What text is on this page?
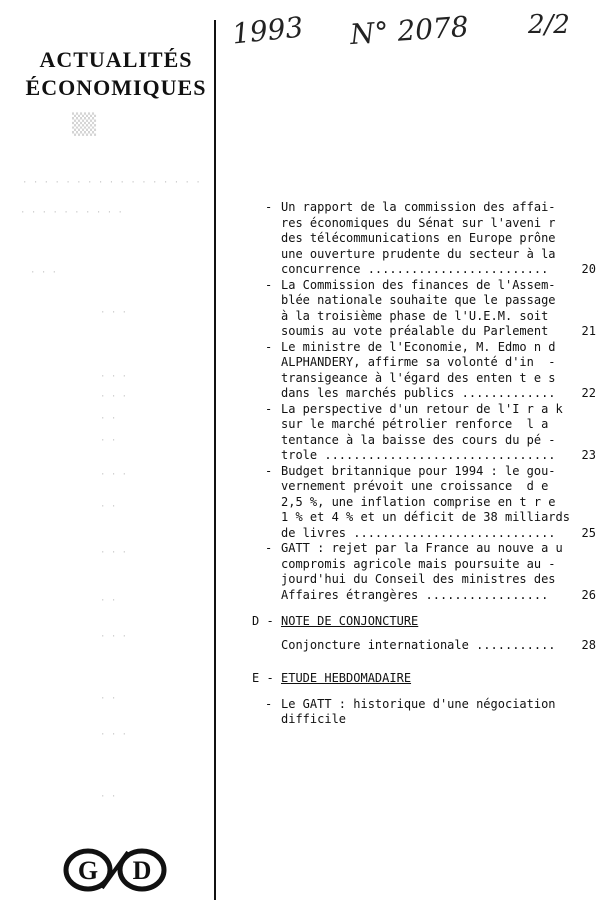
ACTUALITÉS
ÉCONOMIQUES
▒▒
· · · · · · · · · · · · · · · · ·
· · · · · · · · · ·
· · ·
· · ·
· · ·
· · ·
· ·
· ·
· · ·
· ·
· · ·
· ·
· · ·
· ·
· · ·
· ·
G D
1993 N° 2078 2/2
- Un rapport de la commission des affai-
res économiques du Sénat sur l'aveni r
des télécommunications en Europe prône
une ouverture prudente du secteur à la
concurrence .........................	20
- La Commission des finances de l'Assem-
blée nationale souhaite que le passage
à la troisième phase de l'U.E.M. soit
soumis au vote préalable du Parlement	21
- Le ministre de l'Economie, M. Edmo n d
ALPHANDERY, affirme sa volonté d'in  -
transigeance à l'égard des enten t e s
dans les marchés publics .............	22
- La perspective d'un retour de l'I r a k
sur le marché pétrolier renforce  l a
tentance à la baisse des cours du pé -
trole ................................	23
- Budget britannique pour 1994 : le gou-
vernement prévoit une croissance  d e
2,5 %, une inflation comprise en t r e
1 % et 4 % et un déficit de 38 milliards
de livres ............................	25
- GATT : rejet par la France au nouve a u
compromis agricole mais poursuite au -
jourd'hui du Conseil des ministres des
Affaires étrangères .................	26
D - NOTE DE CONJONCTURE
Conjoncture internationale ........... 28
E - ETUDE HEBDOMADAIRE
- Le GATT : historique d'une négociation
difficile
